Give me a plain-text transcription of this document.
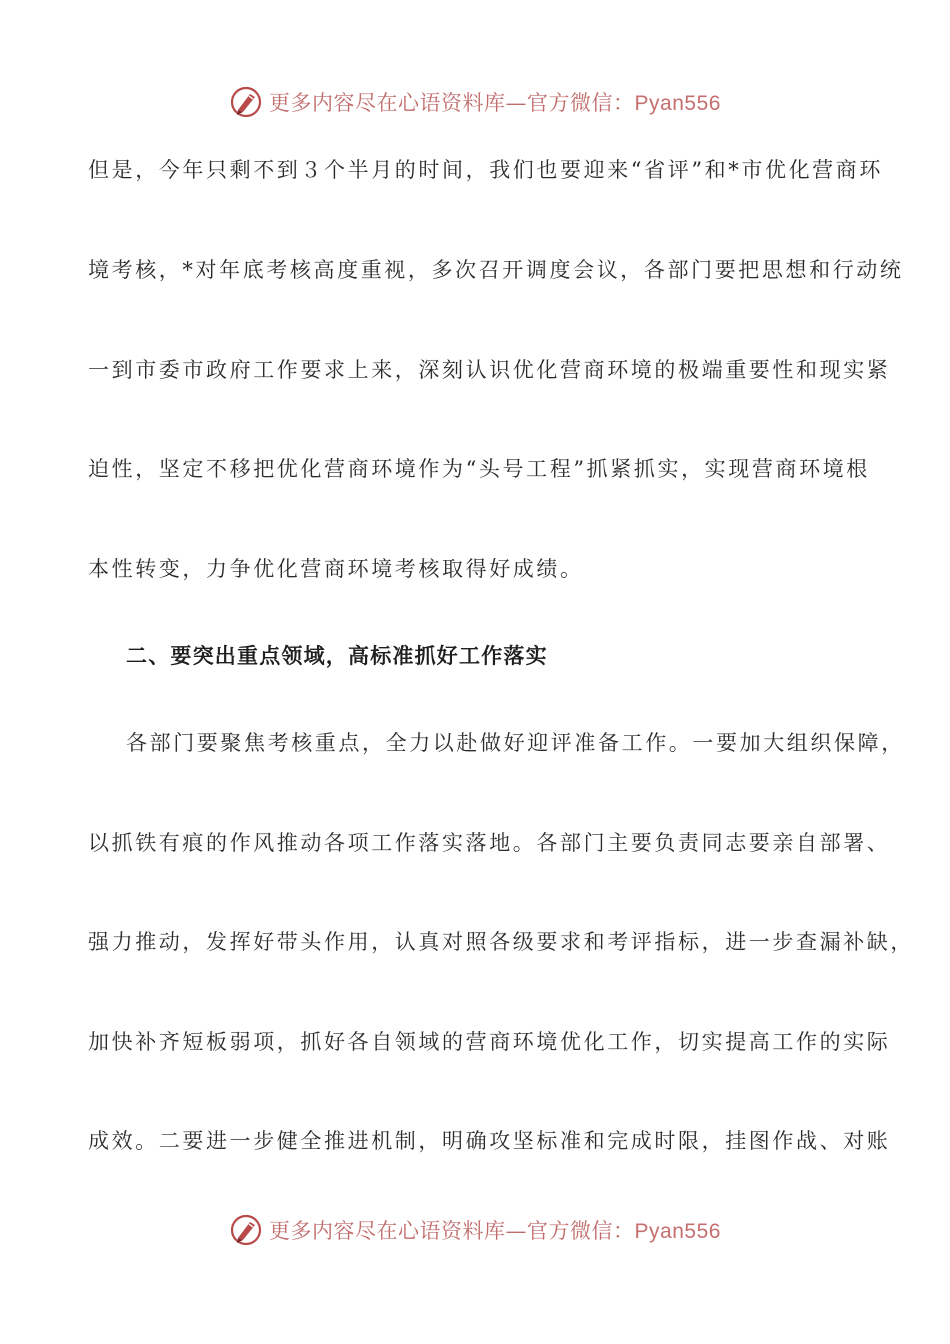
更多内容尽在心语资料库—官方微信：Pyan556
但是，今年只剩不到３个半月的时间，我们也要迎来“省评”和*市优化营商环
境考核，*对年底考核高度重视，多次召开调度会议，各部门要把思想和行动统
一到市委市政府工作要求上来，深刻认识优化营商环境的极端重要性和现实紧
迫性，坚定不移把优化营商环境作为“头号工程”抓紧抓实，实现营商环境根
本性转变，力争优化营商环境考核取得好成绩。
二、要突出重点领域，高标准抓好工作落实
各部门要聚焦考核重点，全力以赴做好迎评准备工作。一要加大组织保障，
以抓铁有痕的作风推动各项工作落实落地。各部门主要负责同志要亲自部署、
强力推动，发挥好带头作用，认真对照各级要求和考评指标，进一步查漏补缺，
加快补齐短板弱项，抓好各自领域的营商环境优化工作，切实提高工作的实际
成效。二要进一步健全推进机制，明确攻坚标准和完成时限，挂图作战、对账
更多内容尽在心语资料库—官方微信：Pyan556
